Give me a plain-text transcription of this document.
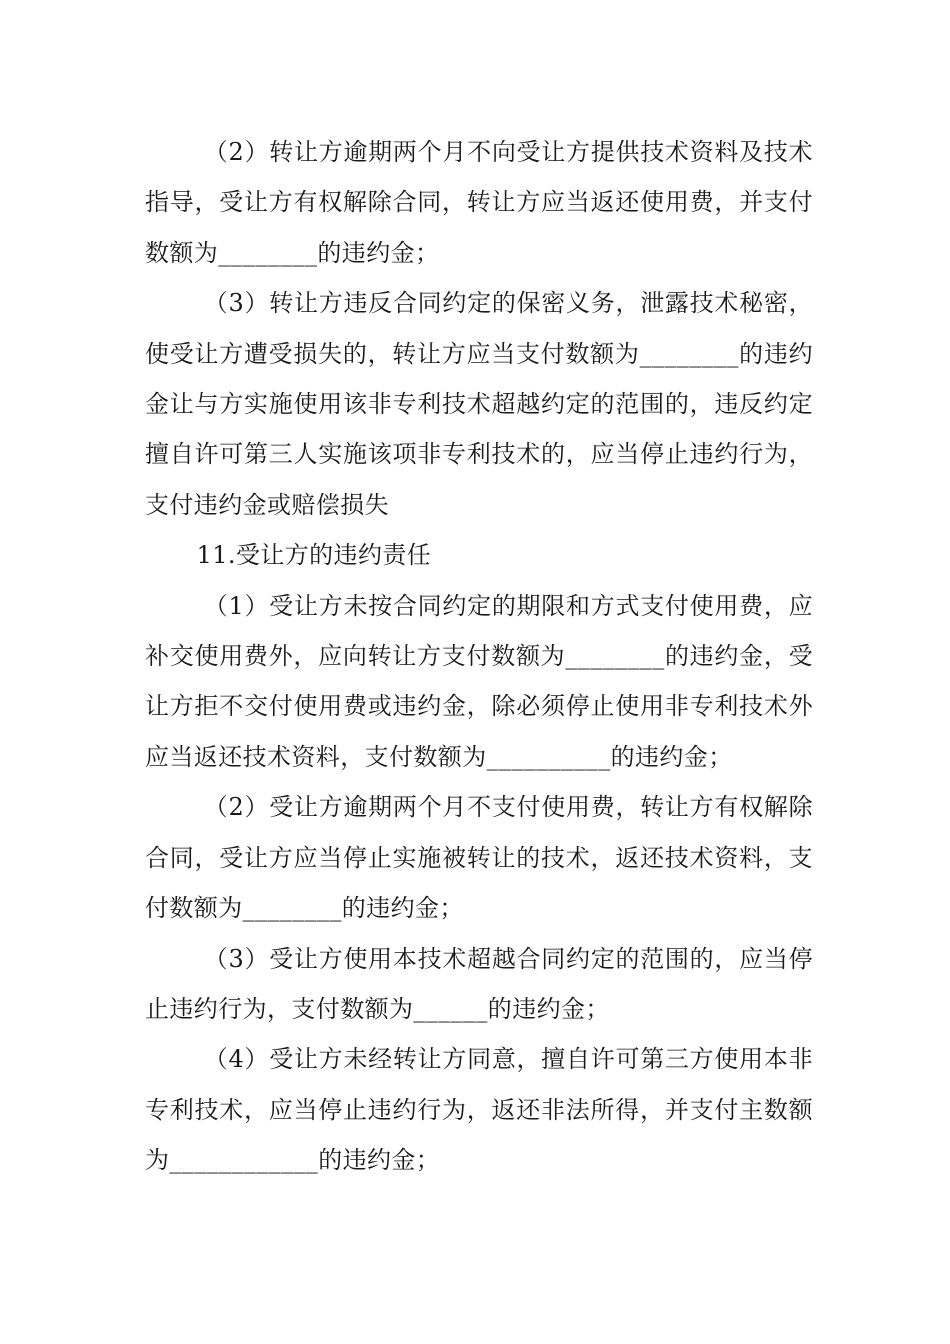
（2）转让方逾期两个月不向受让方提供技术资料及技术指导，受让方有权解除合同，转让方应当返还使用费，并支付数额为________的违约金；

（3）转让方违反合同约定的保密义务，泄露技术秘密，使受让方遭受损失的，转让方应当支付数额为________的违约金让与方实施使用该非专利技术超越约定的范围的，违反约定擅自许可第三人实施该项非专利技术的，应当停止违约行为，支付违约金或赔偿损失

11.受让方的违约责任

（1）受让方未按合同约定的期限和方式支付使用费，应补交使用费外，应向转让方支付数额为________的违约金，受让方拒不交付使用费或违约金，除必须停止使用非专利技术外应当返还技术资料，支付数额为__________的违约金；

（2）受让方逾期两个月不支付使用费，转让方有权解除合同，受让方应当停止实施被转让的技术，返还技术资料，支付数额为________的违约金；

（3）受让方使用本技术超越合同约定的范围的，应当停止违约行为，支付数额为______的违约金；

（4）受让方未经转让方同意，擅自许可第三方使用本非专利技术，应当停止违约行为，返还非法所得，并支付主数额为____________的违约金；
